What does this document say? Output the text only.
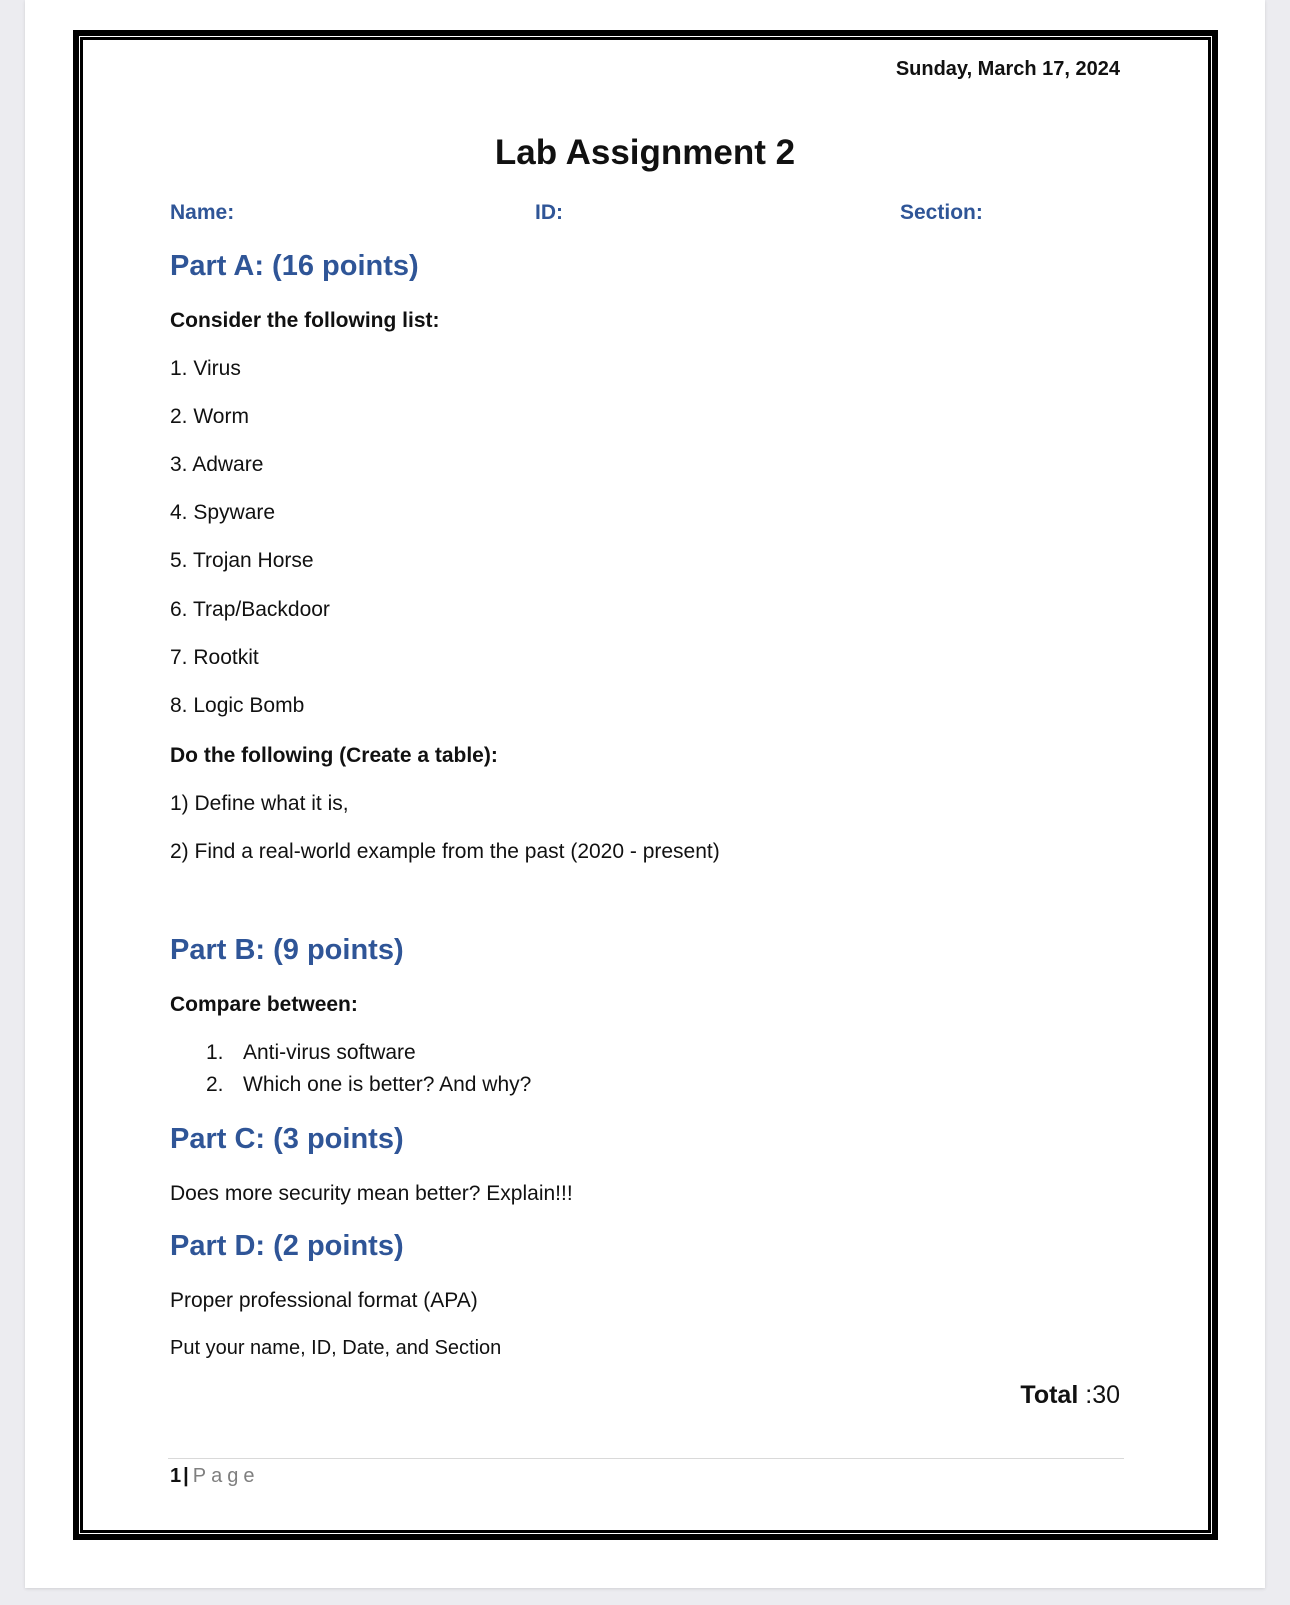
Sunday, March 17, 2024
Lab Assignment 2
Name:	ID:	Section:
Part A: (16 points)
Consider the following list:
1. Virus
2. Worm
3. Adware
4. Spyware
5. Trojan Horse
6. Trap/Backdoor
7. Rootkit
8. Logic Bomb
Do the following (Create a table):
1) Define what it is,
2) Find a real-world example from the past (2020 - present)
Part B: (9 points)
Compare between:
1. Anti-virus software
2. Which one is better? And why?
Part C: (3 points)
Does more security mean better? Explain!!!
Part D: (2 points)
Proper professional format (APA)
Put your name, ID, Date, and Section
Total :30
1 | Page
